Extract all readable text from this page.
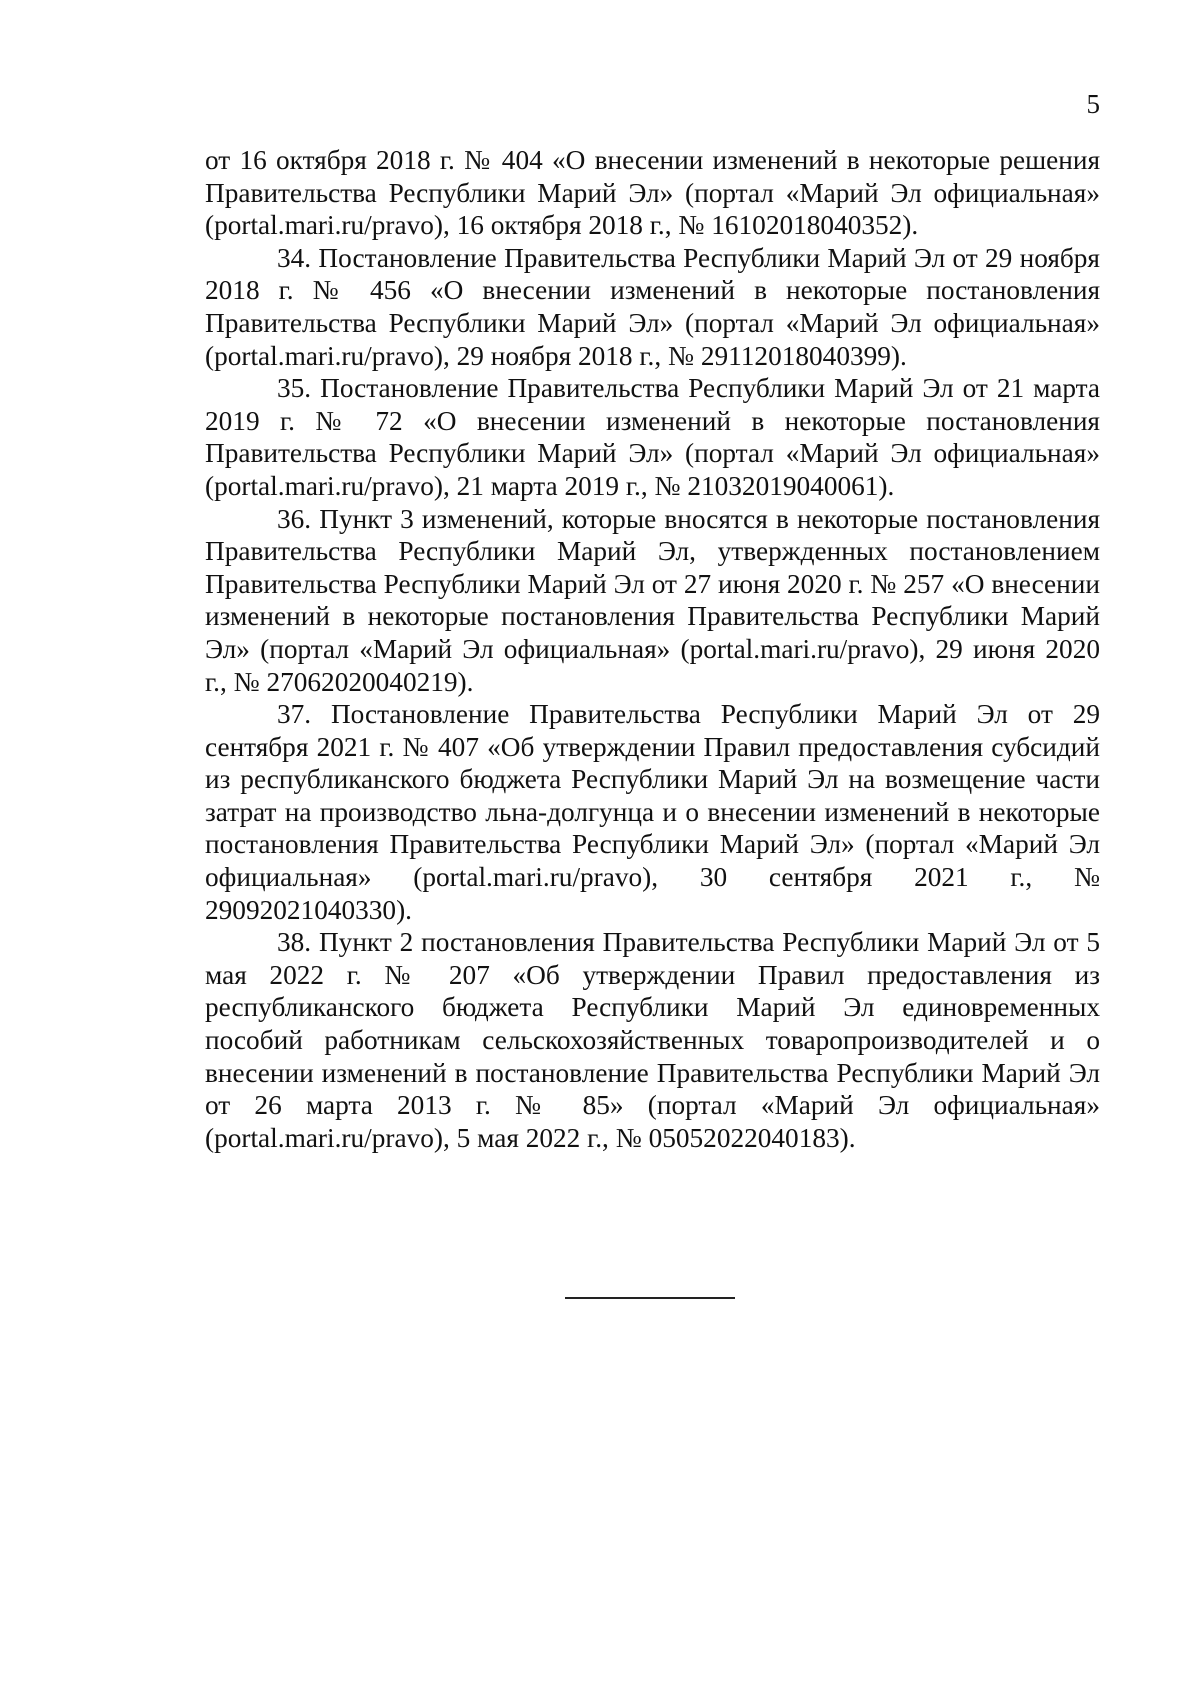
5

от 16 октября 2018 г. № 404 «О внесении изменений в некоторые решения Правительства Республики Марий Эл» (портал «Марий Эл официальная» (portal.mari.ru/pravo), 16 октября 2018 г., № 16102018040352).

34. Постановление Правительства Республики Марий Эл от 29 ноября 2018 г. № 456 «О внесении изменений в некоторые постановления Правительства Республики Марий Эл» (портал «Марий Эл официальная» (portal.mari.ru/pravo), 29 ноября 2018 г., № 29112018040399).

35. Постановление Правительства Республики Марий Эл от 21 марта 2019 г. № 72 «О внесении изменений в некоторые постановления Правительства Республики Марий Эл» (портал «Марий Эл официальная» (portal.mari.ru/pravo), 21 марта 2019 г., № 21032019040061).

36. Пункт 3 изменений, которые вносятся в некоторые постановления Правительства Республики Марий Эл, утвержденных постановлением Правительства Республики Марий Эл от 27 июня 2020 г. № 257 «О внесении изменений в некоторые постановления Правительства Республики Марий Эл» (портал «Марий Эл официальная» (portal.mari.ru/pravo), 29 июня 2020 г., № 27062020040219).

37. Постановление Правительства Республики Марий Эл от 29 сентября 2021 г. № 407 «Об утверждении Правил предоставления субсидий из республиканского бюджета Республики Марий Эл на возмещение части затрат на производство льна-долгунца и о внесении изменений в некоторые постановления Правительства Республики Марий Эл» (портал «Марий Эл официальная» (portal.mari.ru/pravo), 30 сентября 2021 г., № 29092021040330).

38. Пункт 2 постановления Правительства Республики Марий Эл от 5 мая 2022 г. № 207 «Об утверждении Правил предоставления из республиканского бюджета Республики Марий Эл единовременных пособий работникам сельскохозяйственных товаропроизводителей и о внесении изменений в постановление Правительства Республики Марий Эл от 26 марта 2013 г. № 85» (портал «Марий Эл официальная» (portal.mari.ru/pravo), 5 мая 2022 г., № 05052022040183).
